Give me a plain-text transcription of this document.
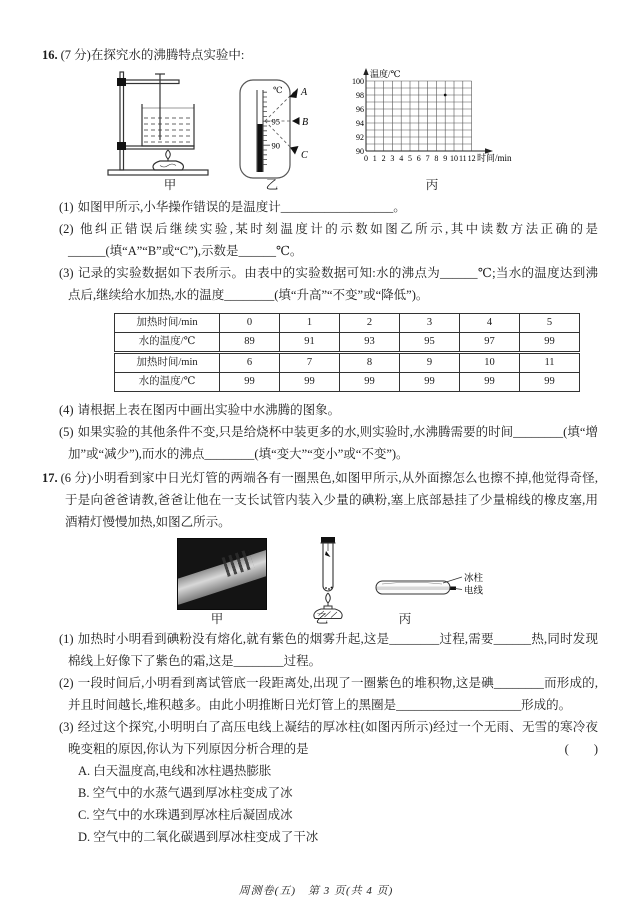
16. (7 分)在探究水的沸腾特点实验中:
甲
℃
95
90
A
B
C
乙
温度/℃
100
98
96
94
92
90
0 1 2 3 4 5 6 7 8 9 10 11 12 时间/min
丙
(1) 如图甲所示,小华操作错误的是温度计__________________。
(2) 他纠正错误后继续实验,某时刻温度计的示数如图乙所示,其中读数方法正确的是______(填“A”“B”或“C”),示数是______℃。
(3) 记录的实验数据如下表所示。由表中的实验数据可知:水的沸点为______℃;当水的温度达到沸点后,继续给水加热,水的温度________(填“升高”“不变”或“降低”)。
加热时间/min	0	1	2	3	4	5
水的温度/℃	89	91	93	95	97	99
加热时间/min	6	7	8	9	10	11
水的温度/℃	99	99	99	99	99	99
(4) 请根据上表在图丙中画出实验中水沸腾的图象。
(5) 如果实验的其他条件不变,只是给烧杯中装更多的水,则实验时,水沸腾需要的时间________(填“增加”或“减少”),而水的沸点________(填“变大”“变小”或“不变”)。
17. (6 分)小明看到家中日光灯管的两端各有一圈黑色,如图甲所示,从外面擦怎么也擦不掉,他觉得奇怪,于是向爸爸请教,爸爸让他在一支长试管内装入少量的碘粉,塞上底部悬挂了少量棉线的橡皮塞,用酒精灯慢慢加热,如图乙所示。
甲	乙
冰柱
电线
丙
(1) 加热时小明看到碘粉没有熔化,就有紫色的烟雾升起,这是________过程,需要______热,同时发现棉线上好像下了紫色的霜,这是________过程。
(2) 一段时间后,小明看到离试管底一段距离处,出现了一圈紫色的堆积物,这是碘________而形成的,并且时间越长,堆积越多。由此小明推断日光灯管上的黑圈是____________________形成的。
(3) 经过这个探究,小明明白了高压电线上凝结的厚冰柱(如图丙所示)经过一个无雨、无雪的寒冷夜晚变粗的原因,你认为下列原因分析合理的是	(　　)
A. 白天温度高,电线和冰柱遇热膨胀
B. 空气中的水蒸气遇到厚冰柱变成了冰
C. 空气中的水珠遇到厚冰柱后凝固成冰
D. 空气中的二氧化碳遇到厚冰柱变成了干冰
周测卷(五)　第 3 页(共 4 页)
